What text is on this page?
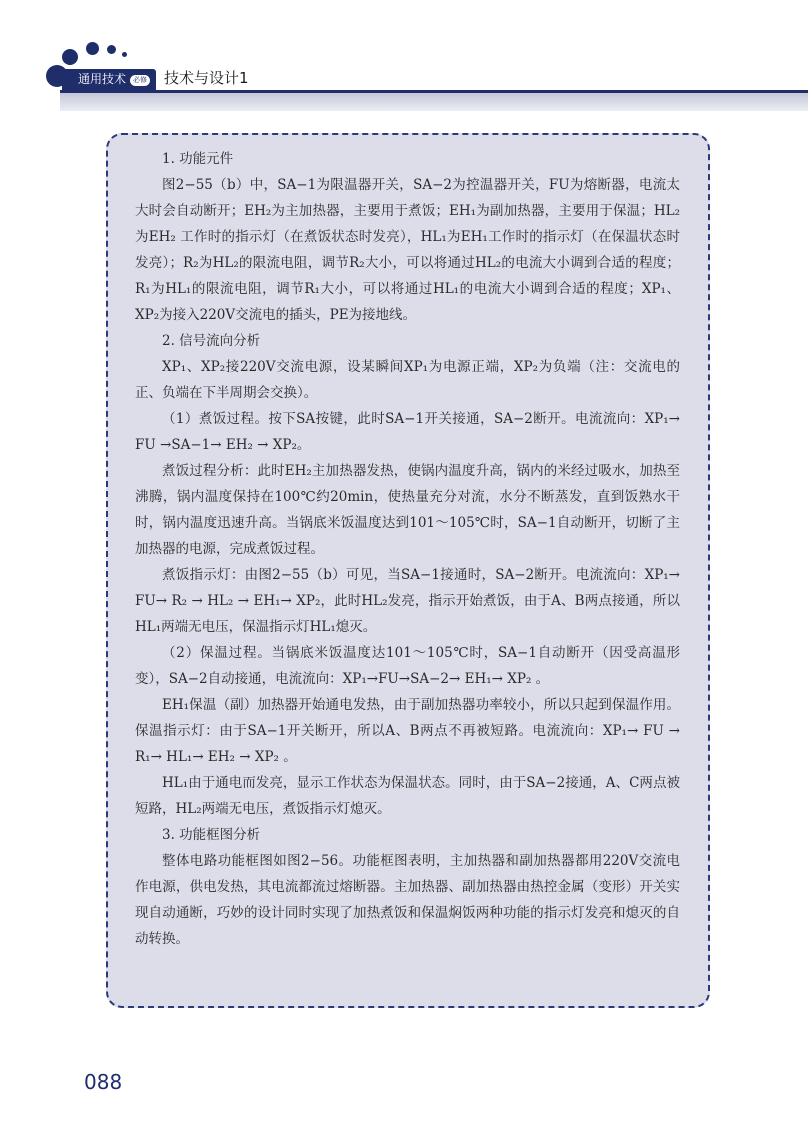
通用技术 必修	技术与设计1

1. 功能元件

图2−55（b）中，SA−1为限温器开关，SA−2为控温器开关，FU为熔断器，电流太大时会自动断开；EH₂为主加热器，主要用于煮饭；EH₁为副加热器，主要用于保温；HL₂为EH₂ 工作时的指示灯（在煮饭状态时发亮），HL₁为EH₁工作时的指示灯（在保温状态时发亮）；R₂为HL₂的限流电阻，调节R₂大小，可以将通过HL₂的电流大小调到合适的程度；R₁为HL₁的限流电阻，调节R₁大小，可以将通过HL₁的电流大小调到合适的程度；XP₁、XP₂为接入220V交流电的插头，PE为接地线。

2. 信号流向分析

XP₁、XP₂接220V交流电源，设某瞬间XP₁为电源正端，XP₂为负端（注：交流电的正、负端在下半周期会交换）。

（1）煮饭过程。按下SA按键，此时SA−1开关接通，SA−2断开。电流流向：XP₁→ FU →SA−1→ EH₂ → XP₂。

煮饭过程分析：此时EH₂主加热器发热，使锅内温度升高，锅内的米经过吸水，加热至沸腾，锅内温度保持在100℃约20min，使热量充分对流，水分不断蒸发，直到饭熟水干时，锅内温度迅速升高。当锅底米饭温度达到101～105℃时，SA−1自动断开，切断了主加热器的电源，完成煮饭过程。

煮饭指示灯：由图2−55（b）可见，当SA−1接通时，SA−2断开。电流流向：XP₁→ FU→ R₂ → HL₂ → EH₁→ XP₂，此时HL₂发亮，指示开始煮饭，由于A、B两点接通，所以HL₁两端无电压，保温指示灯HL₁熄灭。

（2）保温过程。当锅底米饭温度达101～105℃时，SA−1自动断开（因受高温形变），SA−2自动接通，电流流向：XP₁→FU→SA−2→ EH₁→ XP₂ 。

EH₁保温（副）加热器开始通电发热，由于副加热器功率较小，所以只起到保温作用。 保温指示灯：由于SA−1开关断开，所以A、B两点不再被短路。电流流向：XP₁→ FU → R₁→ HL₁→ EH₂ → XP₂ 。

HL₁由于通电而发亮，显示工作状态为保温状态。同时，由于SA−2接通，A、C两点被短路，HL₂两端无电压，煮饭指示灯熄灭。

3. 功能框图分析

整体电路功能框图如图2−56。功能框图表明，主加热器和副加热器都用220V交流电作电源，供电发热，其电流都流过熔断器。主加热器、副加热器由热控金属（变形）开关实现自动通断，巧妙的设计同时实现了加热煮饭和保温焖饭两种功能的指示灯发亮和熄灭的自动转换。

088
